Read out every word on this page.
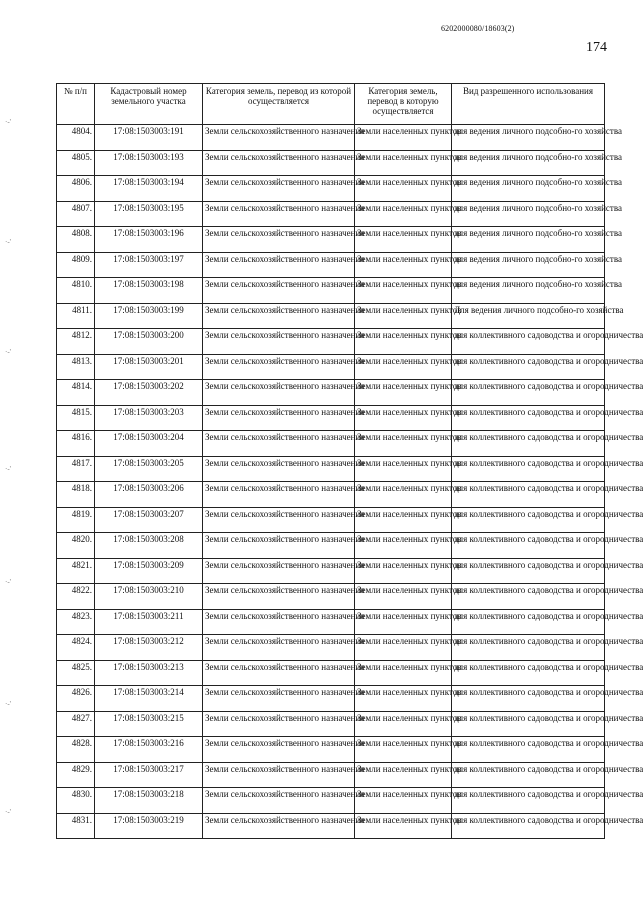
6202000080/18603(2)
174
·-'
·-'
·-'
·-'
·-'
·-'
·-'
№ п/п	Кадастровый номер земельного участка	Категория земель, перевод из которой осуществляется	Категория земель, перевод в которую осуществляется	Вид разрешенного использования
4804.	17:08:1503003:191	Земли сельскохозяйственного назначения	Земли населенных пунктов	для ведения личного подсобно-го хозяйства
4805.	17:08:1503003:193	Земли сельскохозяйственного назначения	Земли населенных пунктов	для ведения личного подсобно-го хозяйства
4806.	17:08:1503003:194	Земли сельскохозяйственного назначения	Земли населенных пунктов	для ведения личного подсобно-го хозяйства
4807.	17:08:1503003:195	Земли сельскохозяйственного назначения	Земли населенных пунктов	для ведения личного подсобно-го хозяйства
4808.	17:08:1503003:196	Земли сельскохозяйственного назначения	Земли населенных пунктов	для ведения личного подсобно-го хозяйства
4809.	17:08:1503003:197	Земли сельскохозяйственного назначения	Земли населенных пунктов	для ведения личного подсобно-го хозяйства
4810.	17:08:1503003:198	Земли сельскохозяйственного назначения	Земли населенных пунктов	для ведения личного подсобно-го хозяйства
4811.	17:08:1503003:199	Земли сельскохозяйственного назначения	Земли населенных пунктов	Для ведения личного подсобно-го хозяйства
4812.	17:08:1503003:200	Земли сельскохозяйственного назначения	Земли населенных пунктов	для коллективного садоводства и огородничества
4813.	17:08:1503003:201	Земли сельскохозяйственного назначения	Земли населенных пунктов	для коллективного садоводства и огородничества
4814.	17:08:1503003:202	Земли сельскохозяйственного назначения	Земли населенных пунктов	для коллективного садоводства и огородничества
4815.	17:08:1503003:203	Земли сельскохозяйственного назначения	Земли населенных пунктов	для коллективного садоводства и огородничества
4816.	17:08:1503003:204	Земли сельскохозяйственного назначения	Земли населенных пунктов	для коллективного садоводства и огородничества
4817.	17:08:1503003:205	Земли сельскохозяйственного назначения	Земли населенных пунктов	для коллективного садоводства и огородничества
4818.	17:08:1503003:206	Земли сельскохозяйственного назначения	Земли населенных пунктов	для коллективного садоводства и огородничества
4819.	17:08:1503003:207	Земли сельскохозяйственного назначения	Земли населенных пунктов	для коллективного садоводства и огородничества
4820.	17:08:1503003:208	Земли сельскохозяйственного назначения	Земли населенных пунктов	для коллективного садоводства и огородничества
4821.	17:08:1503003:209	Земли сельскохозяйственного назначения	Земли населенных пунктов	для коллективного садоводства и огородничества
4822.	17:08:1503003:210	Земли сельскохозяйственного назначения	Земли населенных пунктов	для коллективного садоводства и огородничества
4823.	17:08:1503003:211	Земли сельскохозяйственного назначения	Земли населенных пунктов	для коллективного садоводства и огородничества
4824.	17:08:1503003:212	Земли сельскохозяйственного назначения	Земли населенных пунктов	для коллективного садоводства и огородничества
4825.	17:08:1503003:213	Земли сельскохозяйственного назначения	Земли населенных пунктов	для коллективного садоводства и огородничества
4826.	17:08:1503003:214	Земли сельскохозяйственного назначения	Земли населенных пунктов	для коллективного садоводства и огородничества
4827.	17:08:1503003:215	Земли сельскохозяйственного назначения	Земли населенных пунктов	для коллективного садоводства и огородничества
4828.	17:08:1503003:216	Земли сельскохозяйственного назначения	Земли населенных пунктов	для коллективного садоводства и огородничества
4829.	17:08:1503003:217	Земли сельскохозяйственного назначения	Земли населенных пунктов	для коллективного садоводства и огородничества
4830.	17:08:1503003:218	Земли сельскохозяйственного назначения	Земли населенных пунктов	для коллективного садоводства и огородничества
4831.	17:08:1503003:219	Земли сельскохозяйственного назначения	Земли населенных пунктов	для коллективного садоводства и огородничества
